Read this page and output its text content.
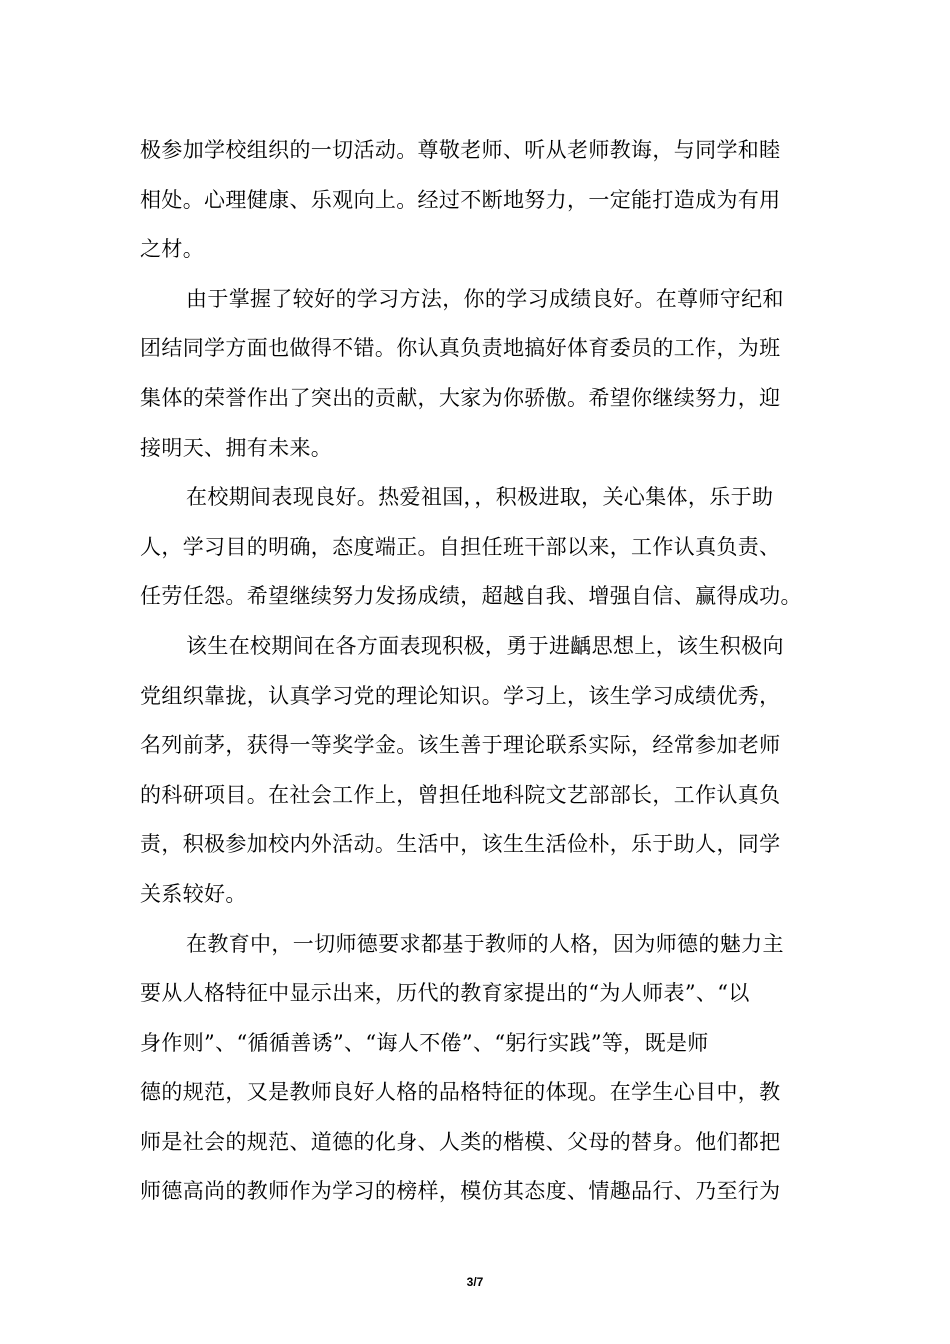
极参加学校组织的一切活动。尊敬老师、听从老师教诲，与同学和睦
相处。心理健康、乐观向上。经过不断地努力，一定能打造成为有用
之材。
由于掌握了较好的学习方法，你的学习成绩良好。在尊师守纪和
团结同学方面也做得不错。你认真负责地搞好体育委员的工作，为班
集体的荣誉作出了突出的贡献，大家为你骄傲。希望你继续努力，迎
接明天、拥有未来。
在校期间表现良好。热爱祖国，，积极进取，关心集体，乐于助
人，学习目的明确，态度端正。自担任班干部以来，工作认真负责、
任劳任怨。希望继续努力发扬成绩，超越自我、增强自信、赢得成功。
该生在校期间在各方面表现积极，勇于进齲思想上，该生积极向
党组织靠拢，认真学习党的理论知识。学习上，该生学习成绩优秀，
名列前茅，获得一等奖学金。该生善于理论联系实际，经常参加老师
的科研项目。在社会工作上，曾担任地科院文艺部部长，工作认真负
责，积极参加校内外活动。生活中，该生生活俭朴，乐于助人，同学
关系较好。
在教育中，一切师德要求都基于教师的人格，因为师德的魅力主
要从人格特征中显示出来，历代的教育家提出的“为人师表”、“以
身作则”、“循循善诱”、“诲人不倦”、“躬行实践”等，既是师
德的规范，又是教师良好人格的品格特征的体现。在学生心目中，教
师是社会的规范、道德的化身、人类的楷模、父母的替身。他们都把
师德高尚的教师作为学习的榜样，模仿其态度、情趣品行、乃至行为
3/7
